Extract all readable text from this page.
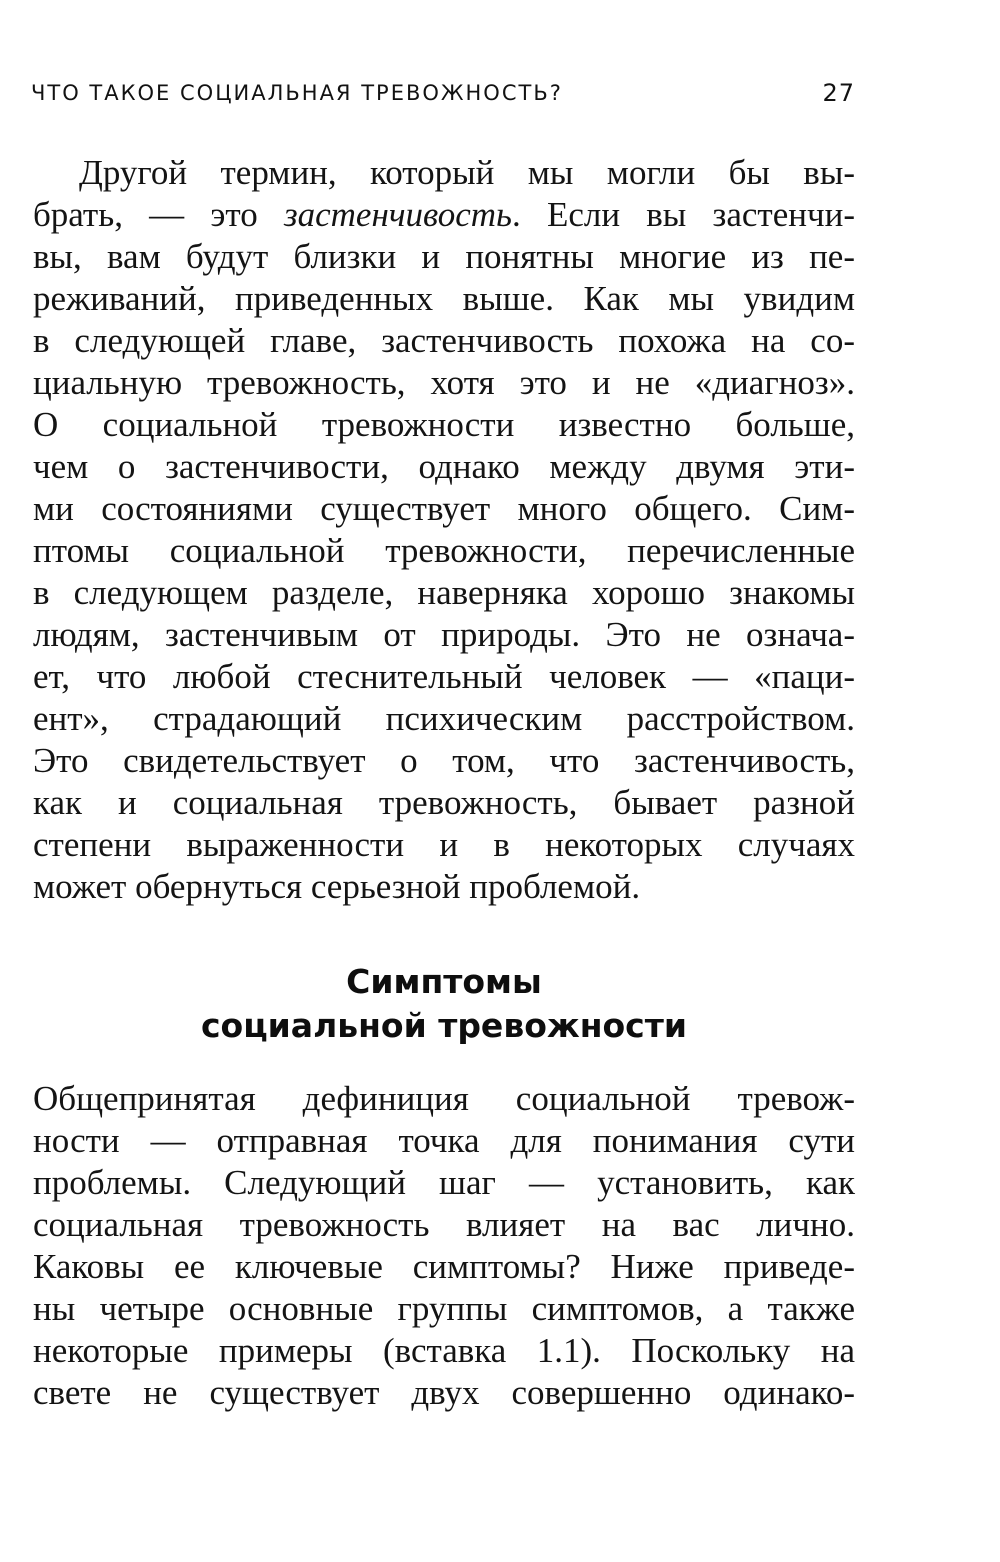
ЧТО ТАКОЕ СОЦИАЛЬНАЯ ТРЕВОЖНОСТЬ?	27
Другой термин, который мы могли бы вы-
брать, — это застенчивость. Если вы застенчи-
вы, вам будут близки и понятны многие из пе-
реживаний, приведенных выше. Как мы увидим
в следующей главе, застенчивость похожа на со-
циальную тревожность, хотя это и не «диагноз».
О социальной тревожности известно больше,
чем о застенчивости, однако между двумя эти-
ми состояниями существует много общего. Сим-
птомы социальной тревожности, перечисленные
в следующем разделе, наверняка хорошо знакомы
людям, застенчивым от природы. Это не означа-
ет, что любой стеснительный человек — «паци-
ент», страдающий психическим расстройством.
Это свидетельствует о том, что застенчивость,
как и социальная тревожность, бывает разной
степени выраженности и в некоторых случаях
может обернуться серьезной проблемой.
Симптомы
социальной тревожности
Общепринятая дефиниция социальной тревож-
ности — отправная точка для понимания сути
проблемы. Следующий шаг — установить, как
социальная тревожность влияет на вас лично.
Каковы ее ключевые симптомы? Ниже приведе-
ны четыре основные группы симптомов, а также
некоторые примеры (вставка 1.1). Поскольку на
свете не существует двух совершенно одинако-
